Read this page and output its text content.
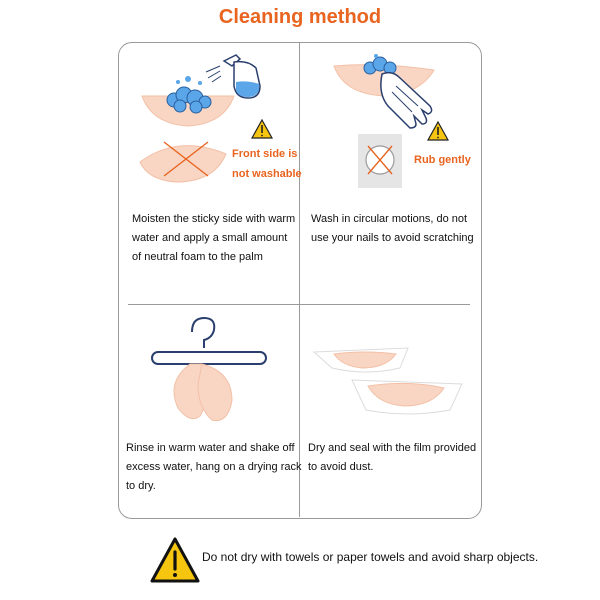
Cleaning method
Front side is
not washable
Rub gently
Moisten the sticky side with warm
water and apply a small amount
of neutral foam to the palm
Wash in circular motions, do not
use your nails to avoid scratching
Rinse in warm water and shake off
excess water, hang on a drying rack
to dry.
Dry and seal with the film provided
to avoid dust.
Do not dry with towels or paper towels and avoid sharp objects.
